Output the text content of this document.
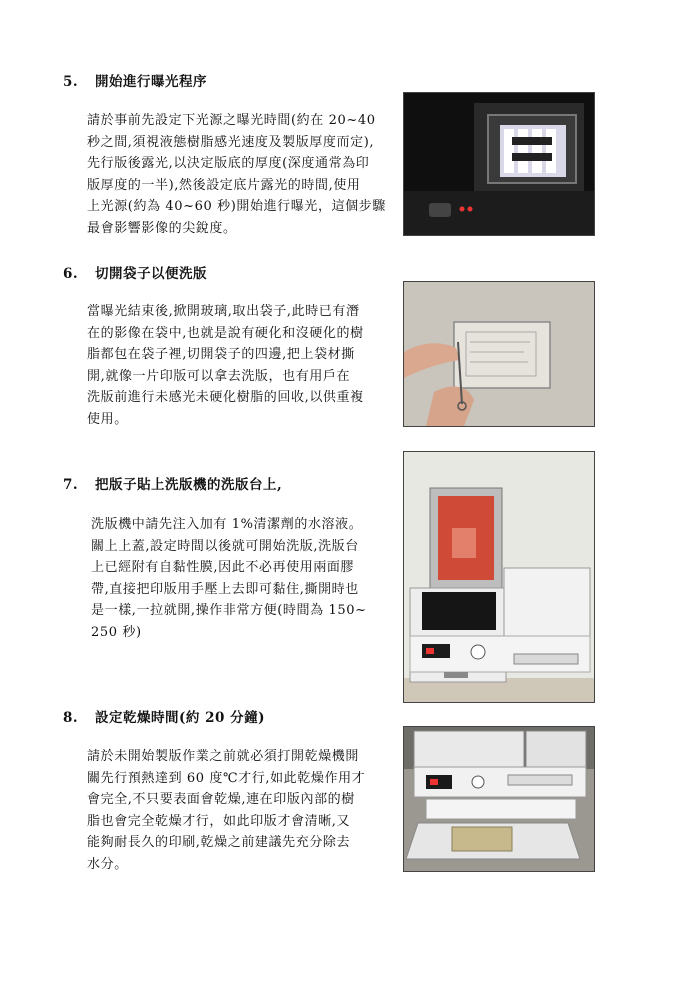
5. 開始進行曝光程序
請於事前先設定下光源之曝光時間(約在 20~40
秒之間,須視液態樹脂感光速度及製版厚度而定),
先行版後露光,以決定版底的厚度(深度通常為印
版厚度的一半),然後設定底片露光的時間,使用
上光源(約為 40~60 秒)開始進行曝光，這個步驟
最會影響影像的尖銳度。
6. 切開袋子以便洗版
當曝光結束後,掀開玻璃,取出袋子,此時已有潛
在的影像在袋中,也就是說有硬化和沒硬化的樹
脂都包在袋子裡,切開袋子的四邊,把上袋材撕
開,就像一片印版可以拿去洗版，也有用戶在
洗版前進行未感光未硬化樹脂的回收,以供重複
使用。
7. 把版子貼上洗版機的洗版台上,
洗版機中請先注入加有 1%清潔劑的水溶液。
關上上蓋,設定時間以後就可開始洗版,洗版台
上已經附有自黏性膜,因此不必再使用兩面膠
帶,直接把印版用手壓上去即可黏住,撕開時也
是一樣,一拉就開,操作非常方便(時間為 150~
250 秒)
8. 設定乾燥時間(約 20 分鐘)
請於未開始製版作業之前就必須打開乾燥機開
關先行預熱達到 60 度℃才行,如此乾燥作用才
會完全,不只要表面會乾燥,連在印版內部的樹
脂也會完全乾燥才行，如此印版才會清晰,又
能夠耐長久的印刷,乾燥之前建議先充分除去
水分。
